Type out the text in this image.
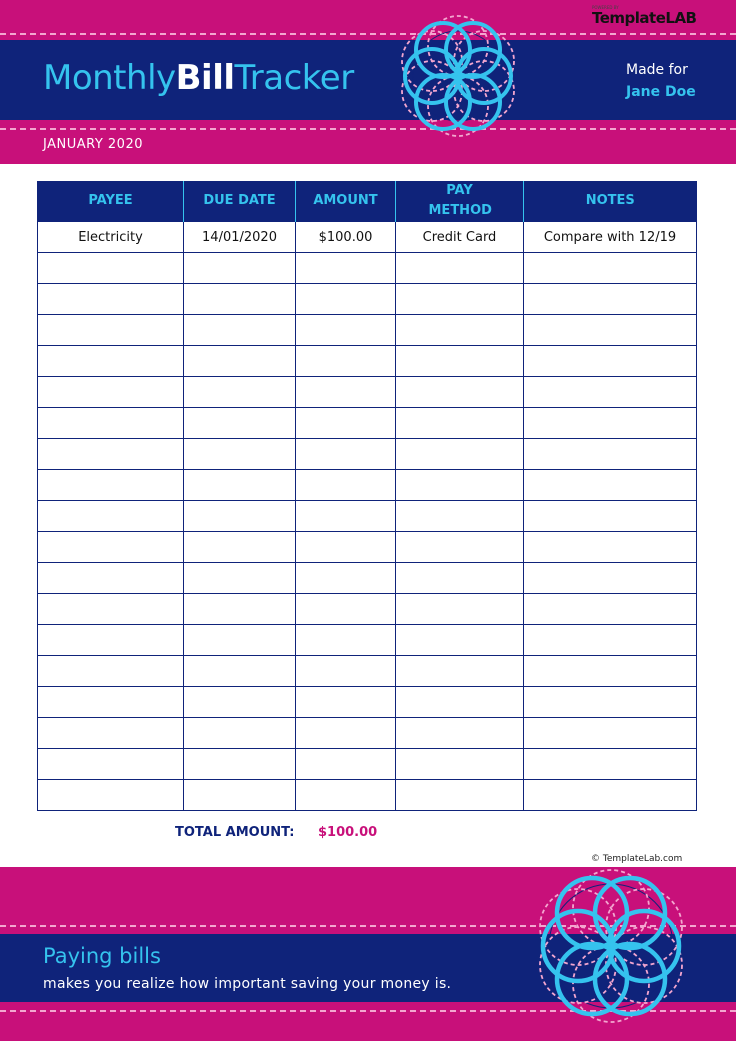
POWERED BY
TemplateLAB
MonthlyBillTracker	Made for
Jane Doe
JANUARY 2020
PAYEE	DUE DATE	AMOUNT	PAY METHOD	NOTES
Electricity	14/01/2020	$100.00	Credit Card	Compare with 12/19

TOTAL AMOUNT: $100.00
© TemplateLab.com
Paying bills
makes you realize how important saving your money is.
